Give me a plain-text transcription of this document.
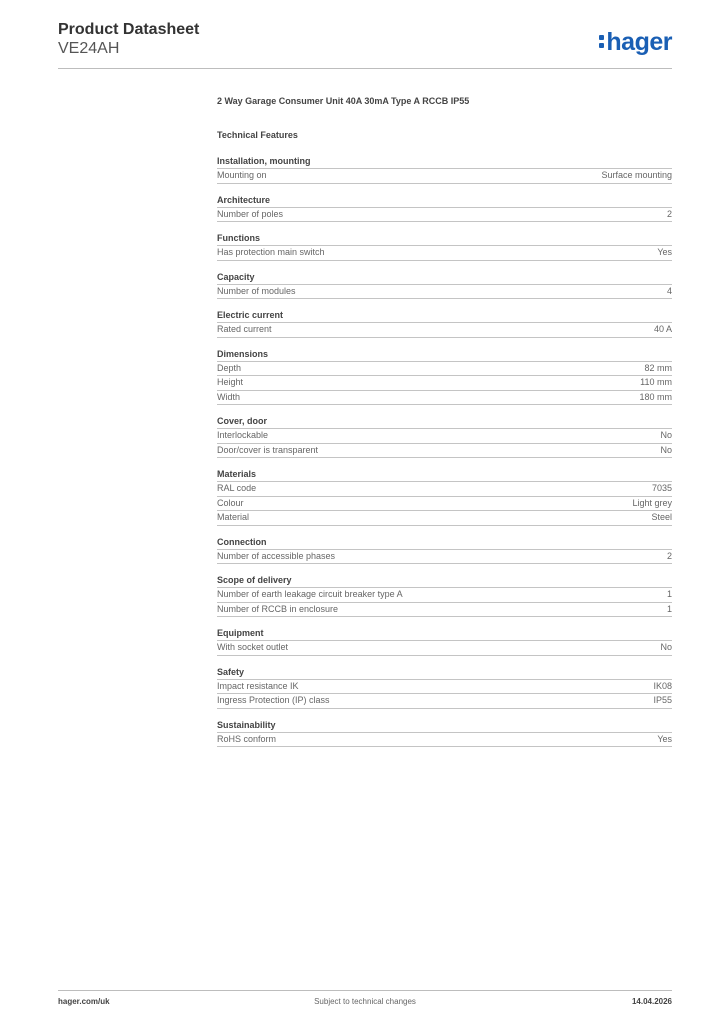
Product Datasheet
VE24AH	hager
2 Way Garage Consumer Unit 40A 30mA Type A RCCB IP55
Technical Features
Installation, mounting
Mounting on	Surface mounting
Architecture
Number of poles	2
Functions
Has protection main switch	Yes
Capacity
Number of modules	4
Electric current
Rated current	40 A
Dimensions
Depth	82 mm
Height	110 mm
Width	180 mm
Cover, door
Interlockable	No
Door/cover is transparent	No
Materials
RAL code	7035
Colour	Light grey
Material	Steel
Connection
Number of accessible phases	2
Scope of delivery
Number of earth leakage circuit breaker type A	1
Number of RCCB in enclosure	1
Equipment
With socket outlet	No
Safety
Impact resistance IK	IK08
Ingress Protection (IP) class	IP55
Sustainability
RoHS conform	Yes
hager.com/uk	Subject to technical changes	14.04.2026
